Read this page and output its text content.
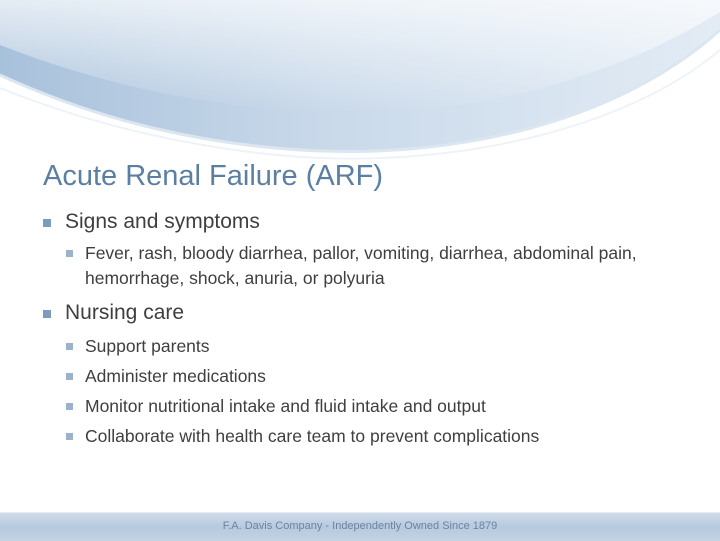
Acute Renal Failure (ARF)
Signs and symptoms
Fever, rash, bloody diarrhea, pallor, vomiting, diarrhea, abdominal pain, hemorrhage, shock, anuria, or polyuria
Nursing care
Support parents
Administer medications
Monitor nutritional intake and fluid intake and output
Collaborate with health care team to prevent complications
F.A. Davis Company - Independently Owned Since 1879
